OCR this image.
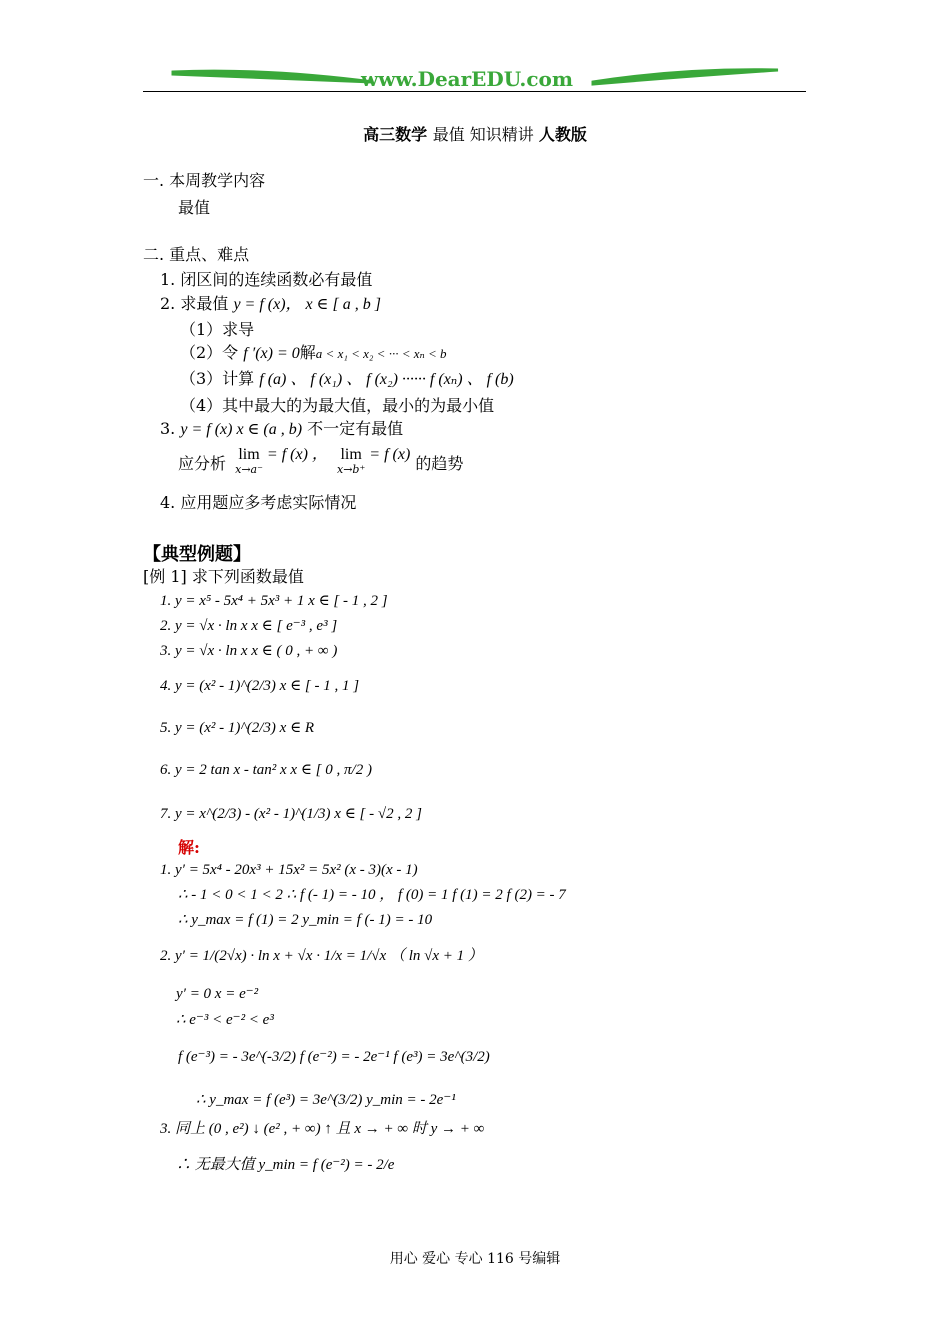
www.DearEDU.com
高三数学 最值 知识精讲 人教版
一. 本周教学内容
最值
二. 重点、难点
1. 闭区间的连续函数必有最值
2. 求最值 y = f (x)， x ∈ [ a , b ]
（1）求导
（2）令 f ′(x) = 0解a < x₁ < x₂ < ··· < xₙ < b
（3）计算 f (a) 、 f (x₁) 、 f (x₂) ······ f (xₙ) 、 f (b)
（4）其中最大的为最大值，最小的为最小值
3. y = f (x) x ∈ (a , b) 不一定有最值
应分析 lim
x→a⁻
= f (x) ， lim
x→b⁺
= f (x) 的趋势
4. 应用题应多考虑实际情况
【典型例题】
[例 1] 求下列函数最值
1. y = x⁵ - 5x⁴ + 5x³ + 1 x ∈ [ - 1 , 2 ]
2. y = √x · ln x x ∈ [ e⁻³ , e³ ]
3. y = √x · ln x x ∈ ( 0 , + ∞ )
4. y = (x² - 1)^(2/3) x ∈ [ - 1 , 1 ]
5. y = (x² - 1)^(2/3) x ∈ R
6. y = 2 tan x - tan² x x ∈ [ 0 , π/2 )
7. y = x^(2/3) - (x² - 1)^(1/3) x ∈ [ - √2 , 2 ]
解:
1. y′ = 5x⁴ - 20x³ + 15x² = 5x² (x - 3)(x - 1)
∴ - 1 < 0 < 1 < 2 ∴ f (- 1) = - 10 ， f (0) = 1 f (1) = 2 f (2) = - 7
∴ y_max = f (1) = 2 y_min = f (- 1) = - 10
2. y′ = 1/(2√x) · ln x + √x · 1/x = 1/√x （ ln √x + 1 ）
y′ = 0 x = e⁻²
∴ e⁻³ < e⁻² < e³
f (e⁻³) = - 3e^(-3/2) f (e⁻²) = - 2e⁻¹ f (e³) = 3e^(3/2)
∴ y_max = f (e³) = 3e^(3/2) y_min = - 2e⁻¹
3. 同上 (0 , e²) ↓ (e² , + ∞) ↑ 且 x → + ∞ 时 y → + ∞
∴ 无最大值 y_min = f (e⁻²) = - 2/e
用心 爱心 专心 116 号编辑
